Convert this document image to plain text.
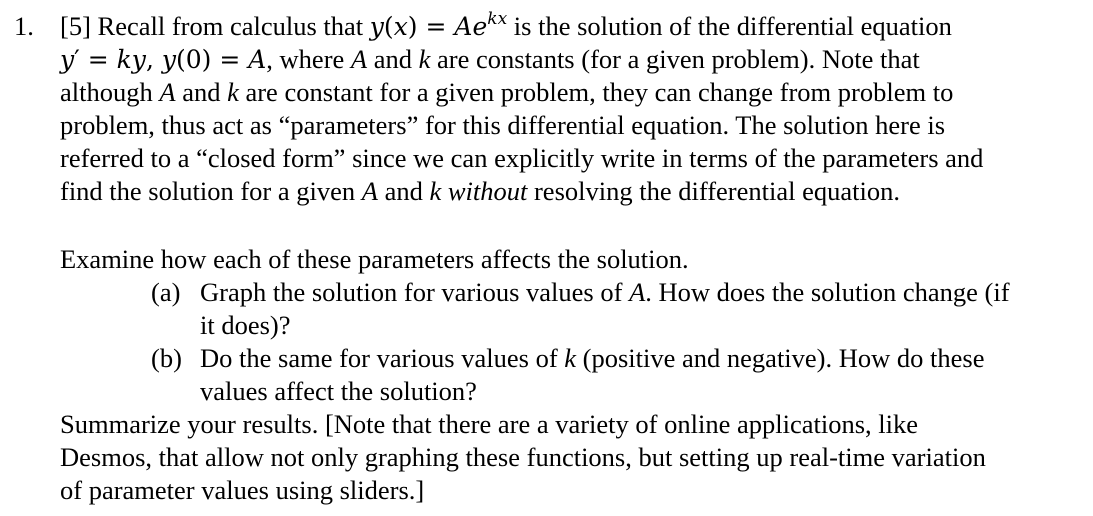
1. [5] Recall from calculus that $y(x) = Ae^{kx}$ is the solution of the differential equation
y′ = ky, y(0) = A, where A and k are constants (for a given problem). Note that
although A and k are constant for a given problem, they can change from problem to
problem, thus act as “parameters” for this differential equation. The solution here is
referred to a “closed form” since we can explicitly write in terms of the parameters and
find the solution for a given A and k without resolving the differential equation.
Examine how each of these parameters affects the solution.
(a) Graph the solution for various values of A. How does the solution change (if
it does)?
(b) Do the same for various values of k (positive and negative). How do these
values affect the solution?
Summarize your results. [Note that there are a variety of online applications, like
Desmos, that allow not only graphing these functions, but setting up real-time variation
of parameter values using sliders.]
